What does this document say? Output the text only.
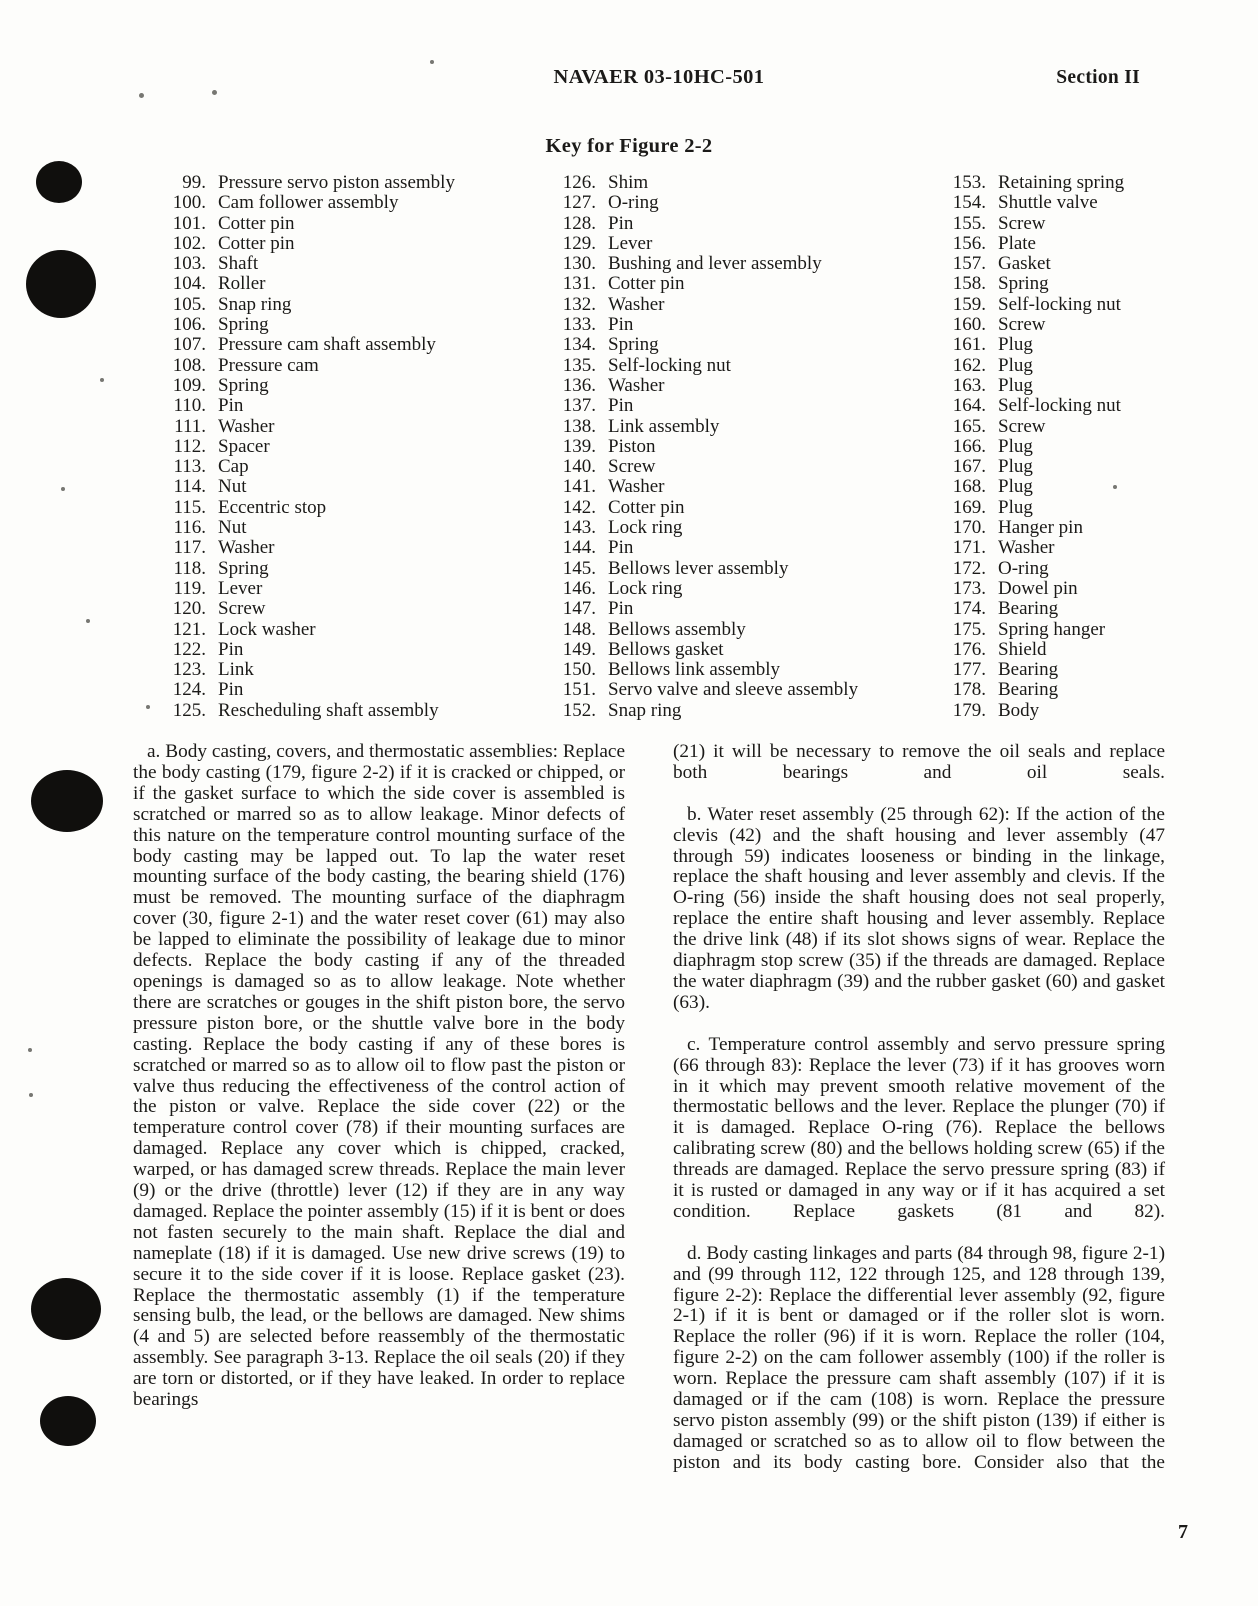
NAVAER 03-10HC-501	Section II
Key for Figure 2-2
99. Pressure servo piston assembly
100. Cam follower assembly
101. Cotter pin
102. Cotter pin
103. Shaft
104. Roller
105. Snap ring
106. Spring
107. Pressure cam shaft assembly
108. Pressure cam
109. Spring
110. Pin
111. Washer
112. Spacer
113. Cap
114. Nut
115. Eccentric stop
116. Nut
117. Washer
118. Spring
119. Lever
120. Screw
121. Lock washer
122. Pin
123. Link
124. Pin
125. Rescheduling shaft assembly
126. Shim
127. O-ring
128. Pin
129. Lever
130. Bushing and lever assembly
131. Cotter pin
132. Washer
133. Pin
134. Spring
135. Self-locking nut
136. Washer
137. Pin
138. Link assembly
139. Piston
140. Screw
141. Washer
142. Cotter pin
143. Lock ring
144. Pin
145. Bellows lever assembly
146. Lock ring
147. Pin
148. Bellows assembly
149. Bellows gasket
150. Bellows link assembly
151. Servo valve and sleeve assembly
152. Snap ring
153. Retaining spring
154. Shuttle valve
155. Screw
156. Plate
157. Gasket
158. Spring
159. Self-locking nut
160. Screw
161. Plug
162. Plug
163. Plug
164. Self-locking nut
165. Screw
166. Plug
167. Plug
168. Plug
169. Plug
170. Hanger pin
171. Washer
172. O-ring
173. Dowel pin
174. Bearing
175. Spring hanger
176. Shield
177. Bearing
178. Bearing
179. Body

a. Body casting, covers, and thermostatic assemblies: Replace the body casting (179, figure 2-2) if it is cracked or chipped, or if the gasket surface to which the side cover is assembled is scratched or marred so as to allow leakage. Minor defects of this nature on the temperature control mounting surface of the body casting may be lapped out. To lap the water reset mounting surface of the body casting, the bearing shield (176) must be removed. The mounting surface of the diaphragm cover (30, figure 2-1) and the water reset cover (61) may also be lapped to eliminate the possibility of leakage due to minor defects. Replace the body casting if any of the threaded openings is damaged so as to allow leakage. Note whether there are scratches or gouges in the shift piston bore, the servo pressure piston bore, or the shuttle valve bore in the body casting. Replace the body casting if any of these bores is scratched or marred so as to allow oil to flow past the piston or valve thus reducing the effectiveness of the control action of the piston or valve. Replace the side cover (22) or the temperature control cover (78) if their mounting surfaces are damaged. Replace any cover which is chipped, cracked, warped, or has damaged screw threads. Replace the main lever (9) or the drive (throttle) lever (12) if they are in any way damaged. Replace the pointer assembly (15) if it is bent or does not fasten securely to the main shaft. Replace the dial and nameplate (18) if it is damaged. Use new drive screws (19) to secure it to the side cover if it is loose. Replace gasket (23). Replace the thermostatic assembly (1) if the temperature sensing bulb, the lead, or the bellows are damaged. New shims (4 and 5) are selected before reassembly of the thermostatic assembly. See paragraph 3-13. Replace the oil seals (20) if they are torn or distorted, or if they have leaked. In order to replace bearings

(21) it will be necessary to remove the oil seals and replace both bearings and oil seals.

b. Water reset assembly (25 through 62): If the action of the clevis (42) and the shaft housing and lever assembly (47 through 59) indicates looseness or binding in the linkage, replace the shaft housing and lever assembly and clevis. If the O-ring (56) inside the shaft housing does not seal properly, replace the entire shaft housing and lever assembly. Replace the drive link (48) if its slot shows signs of wear. Replace the diaphragm stop screw (35) if the threads are damaged. Replace the water diaphragm (39) and the rubber gasket (60) and gasket (63).

c. Temperature control assembly and servo pressure spring (66 through 83): Replace the lever (73) if it has grooves worn in it which may prevent smooth relative movement of the thermostatic bellows and the lever. Replace the plunger (70) if it is damaged. Replace O-ring (76). Replace the bellows calibrating screw (80) and the bellows holding screw (65) if the threads are damaged. Replace the servo pressure spring (83) if it is rusted or damaged in any way or if it has acquired a set condition. Replace gaskets (81 and 82).

d. Body casting linkages and parts (84 through 98, figure 2-1) and (99 through 112, 122 through 125, and 128 through 139, figure 2-2): Replace the differential lever assembly (92, figure 2-1) if it is bent or damaged or if the roller slot is worn. Replace the roller (96) if it is worn. Replace the roller (104, figure 2-2) on the cam follower assembly (100) if the roller is worn. Replace the pressure cam shaft assembly (107) if it is damaged or if the cam (108) is worn. Replace the pressure servo piston assembly (99) or the shift piston (139) if either is damaged or scratched so as to allow oil to flow between the piston and its body casting bore. Consider also that the

7
